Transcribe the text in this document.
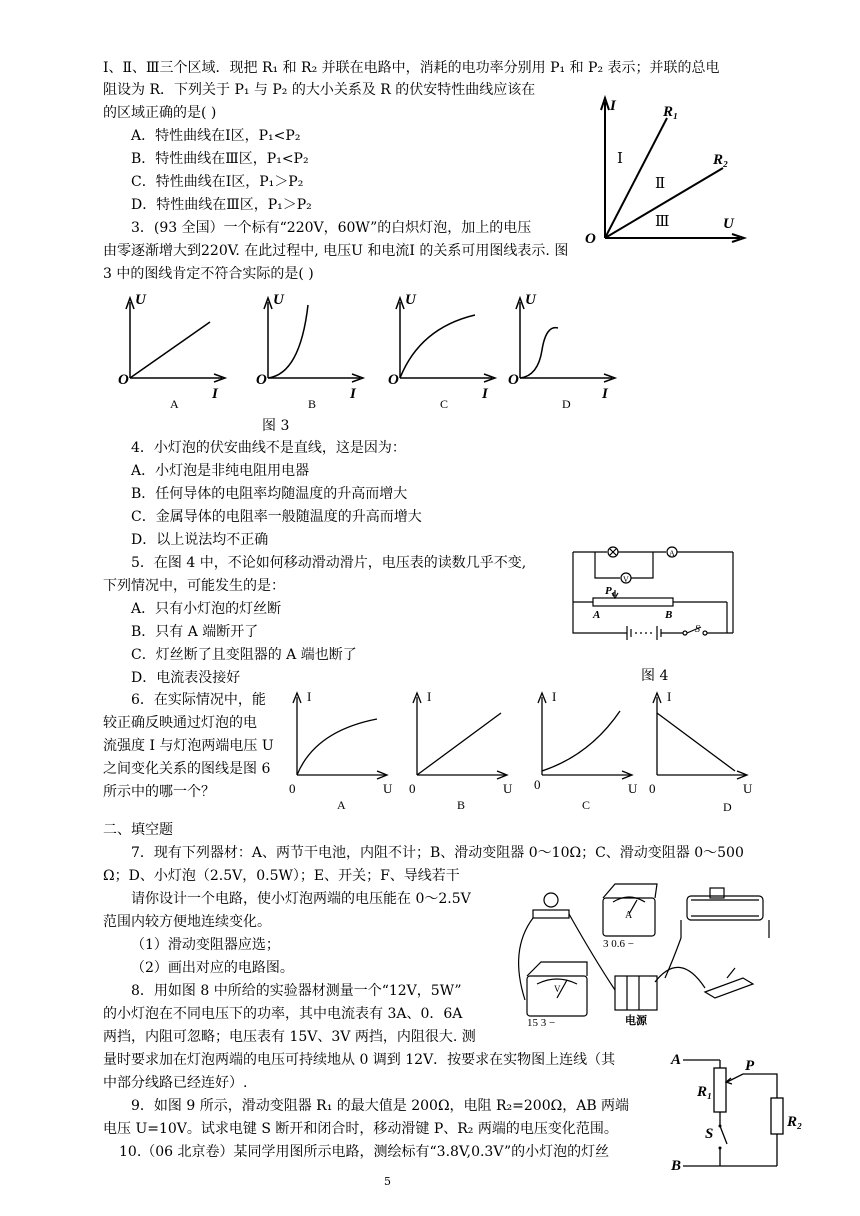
Ⅰ、Ⅱ、Ⅲ三个区域．现把 R₁ 和 R₂ 并联在电路中，消耗的电功率分别用 P₁ 和 P₂ 表示；并联的总电
阻设为 R．下列关于 P₁ 与 P₂ 的大小关系及 R 的伏安特性曲线应该在
的区域正确的是( )
A．特性曲线在Ⅰ区，P₁<P₂
B．特性曲线在Ⅲ区，P₁<P₂
C．特性曲线在Ⅰ区，P₁＞P₂
D．特性曲线在Ⅲ区，P₁＞P₂
I
U
O
R₁
R₂
Ⅰ
Ⅱ
Ⅲ
3．(93 全国）一个标有“220V，60W”的白炽灯泡，加上的电压
由零逐渐增大到220V. 在此过程中, 电压U 和电流I 的关系可用图线表示. 图
3 中的图线肯定不符合实际的是( )
U
O
I
A
U
O
I
B
U
O
I
C
U
O
I
D
图 3
4．小灯泡的伏安曲线不是直线，这是因为：
A．小灯泡是非纯电阻用电器
B．任何导体的电阻率均随温度的升高而增大
C．金属导体的电阻率一般随温度的升高而增大
D．以上说法均不正确
5．在图 4 中，不论如何移动滑动滑片，电压表的读数几乎不变,
下列情况中，可能发生的是：
A．只有小灯泡的灯丝断
B．只有 A 端断开了
C．灯丝断了且变阻器的 A 端也断了
D．电流表没接好
A
V
P₁
A	B
S
图 4
6．在实际情况中，能
较正确反映通过灯泡的电
流强度 I 与灯泡两端电压 U
之间变化关系的图线是图 6
所示中的哪一个？
I
0	U
A
I
0	U
B
I
0	U
C
I
0	U
D
二、填空题
7．现有下列器材：A、两节干电池，内阻不计；B、滑动变阻器 0～10Ω；C、滑动变阻器 0～500
Ω；D、小灯泡（2.5V，0.5W）；E、开关；F、导线若干
请你设计一个电路，使小灯泡两端的电压能在 0～2.5V
范围内较方便地连续变化。
（1）滑动变阻器应选；
（2）画出对应的电路图。
A
V
3 0.6 −
15 3 −	电源
8．用如图 8 中所给的实验器材测量一个“12V，5W”
的小灯泡在不同电压下的功率，其中电流表有 3A、0．6A
两挡，内阻可忽略；电压表有 15V、3V 两挡，内阻很大. 测
量时要求加在灯泡两端的电压可持续地从 0 调到 12V．按要求在实物图上连线（其
中部分线路已经连好）.
9．如图 9 所示，滑动变阻器 R₁ 的最大值是 200Ω，电阻 R₂=200Ω，AB 两端
电压 U=10V。试求电键 S 断开和闭合时，移动滑键 P、R₂ 两端的电压变化范围。
A
B
P
R₁
R₂
S
10.（06 北京卷）某同学用图所示电路，测绘标有“3.8V,0.3V”的小灯泡的灯丝
5
